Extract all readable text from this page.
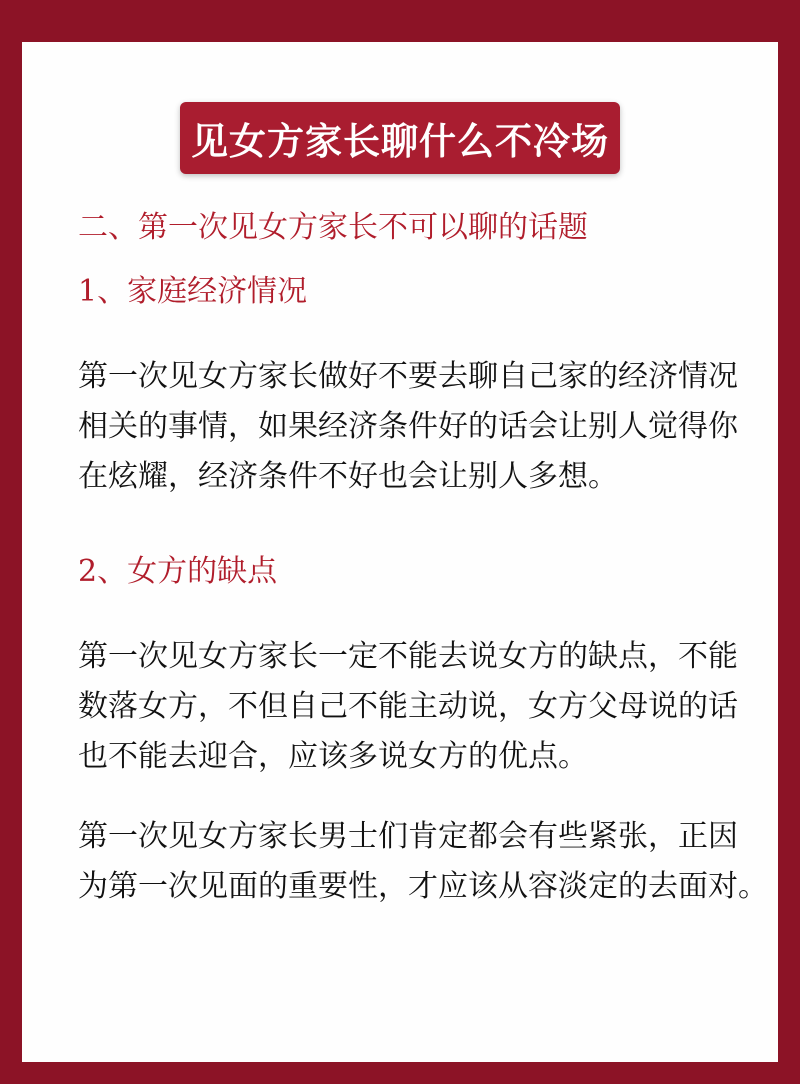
见女方家长聊什么不冷场
二、第一次见女方家长不可以聊的话题
1、家庭经济情况
第一次见女方家长做好不要去聊自己家的经济情况
相关的事情，如果经济条件好的话会让别人觉得你
在炫耀，经济条件不好也会让别人多想。
2、女方的缺点
第一次见女方家长一定不能去说女方的缺点，不能
数落女方，不但自己不能主动说，女方父母说的话
也不能去迎合，应该多说女方的优点。
第一次见女方家长男士们肯定都会有些紧张，正因
为第一次见面的重要性，才应该从容淡定的去面对。
